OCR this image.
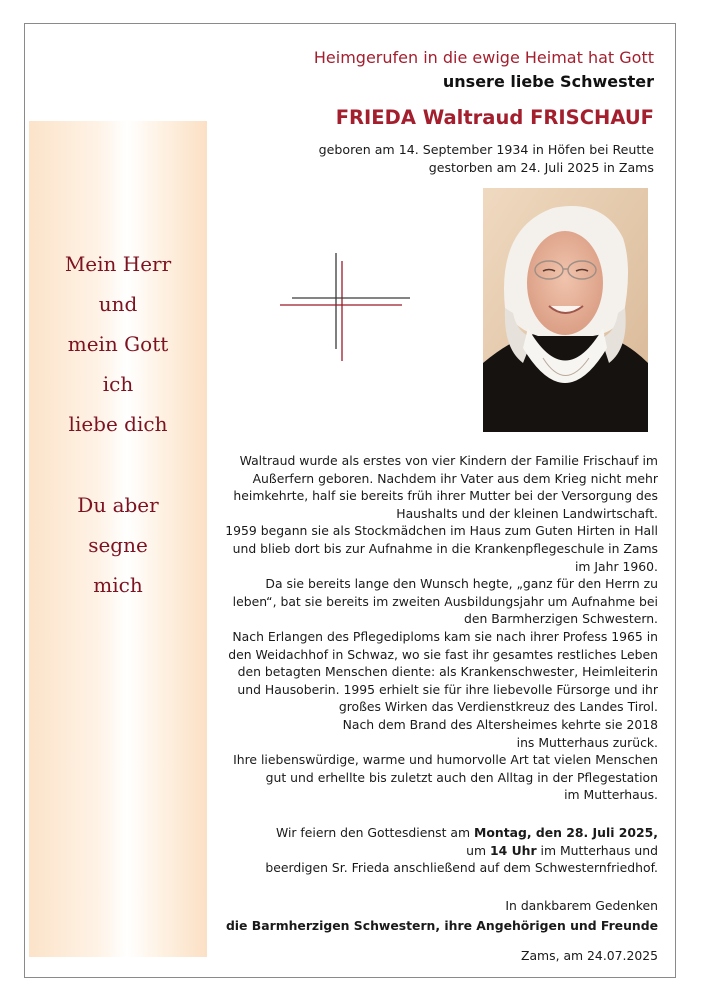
Mein Herr

und

mein Gott

ich

liebe dich

Du aber

segne

mich

Heimgerufen in die ewige Heimat hat Gott

unsere liebe Schwester

FRIEDA Waltraud FRISCHAUF

geboren am 14. September 1934 in Höfen bei Reutte

gestorben am 24. Juli 2025 in Zams

Waltraud wurde als erstes von vier Kindern der Familie Frischauf im

Außerfern geboren. Nachdem ihr Vater aus dem Krieg nicht mehr

heimkehrte, half sie bereits früh ihrer Mutter bei der Versorgung des

Haushalts und der kleinen Landwirtschaft.

1959 begann sie als Stockmädchen im Haus zum Guten Hirten in Hall

und blieb dort bis zur Aufnahme in die Krankenpflegeschule in Zams

im Jahr 1960.

Da sie bereits lange den Wunsch hegte, „ganz für den Herrn zu

leben“, bat sie bereits im zweiten Ausbildungsjahr um Aufnahme bei

den Barmherzigen Schwestern.

Nach Erlangen des Pflegediploms kam sie nach ihrer Profess 1965 in

den Weidachhof in Schwaz, wo sie fast ihr gesamtes restliches Leben

den betagten Menschen diente: als Krankenschwester, Heimleiterin

und Hausoberin. 1995 erhielt sie für ihre liebevolle Fürsorge und ihr

großes Wirken das Verdienstkreuz des Landes Tirol.

Nach dem Brand des Altersheimes kehrte sie 2018

ins Mutterhaus zurück.

Ihre liebenswürdige, warme und humorvolle Art tat vielen Menschen

gut und erhellte bis zuletzt auch den Alltag in der Pflegestation

im Mutterhaus.

Wir feiern den Gottesdienst am Montag, den 28. Juli 2025,

um 14 Uhr im Mutterhaus und

beerdigen Sr. Frieda anschließend auf dem Schwesternfriedhof.

In dankbarem Gedenken

die Barmherzigen Schwestern, ihre Angehörigen und Freunde

Zams, am 24.07.2025
